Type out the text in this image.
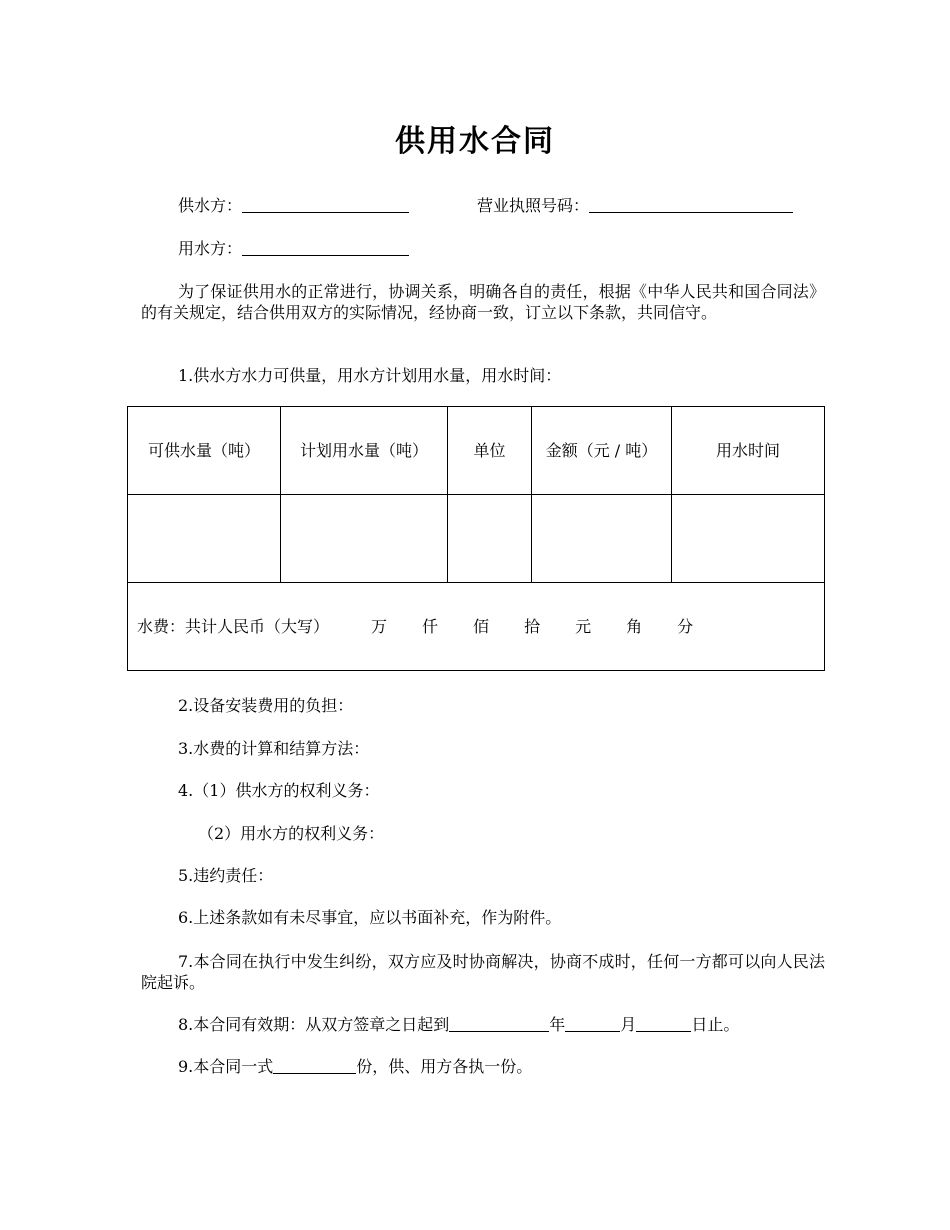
供用水合同
供水方：	营业执照号码：
用水方：
为了保证供用水的正常进行，协调关系，明确各自的责任，根据《中华人民共和国合同法》的有关规定，结合供用双方的实际情况，经协商一致，订立以下条款，共同信守。
1.供水方水力可供量，用水方计划用水量，用水时间：
可供水量（吨）	计划用水量（吨）	单位	金额（元 / 吨）	用水时间

水费：共计人民币（大写） 万 仟 佰 拾 元 角 分				
2.设备安装费用的负担：
3.水费的计算和结算方法：
4.（1）供水方的权利义务：
（2）用水方的权利义务：
5.违约责任：
6.上述条款如有未尽事宜，应以书面补充，作为附件。
7.本合同在执行中发生纠纷，双方应及时协商解决，协商不成时，任何一方都可以向人民法院起诉。
8.本合同有效期：从双方签章之日起到	年	月	日止。
9.本合同一式	份，供、用方各执一份。
